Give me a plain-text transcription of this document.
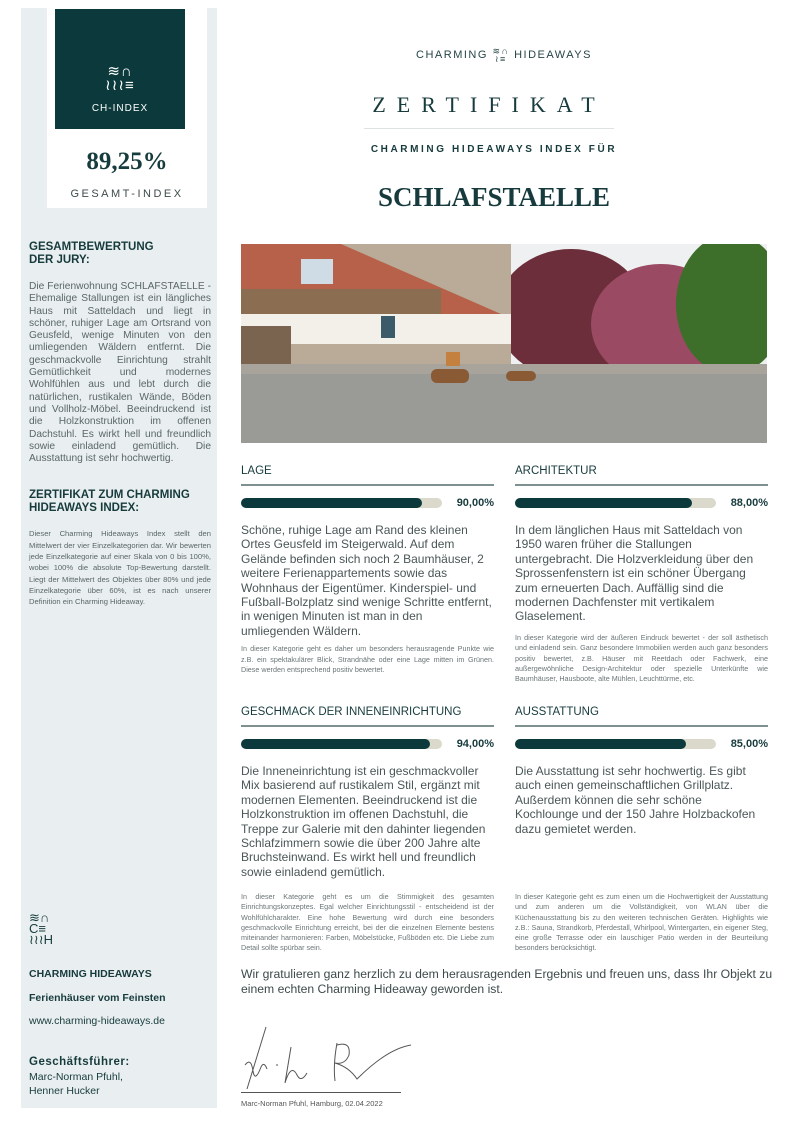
≋∩
≀≀≀≡
CH-INDEX
89,25%
GESAMT-INDEX
GESAMTBEWERTUNG DER JURY:
Die Ferienwohnung SCHLAFSTAELLE - Ehemalige Stallungen ist ein längliches Haus mit Satteldach und liegt in schöner, ruhiger Lage am Ortsrand von Geusfeld, wenige Minuten von den umliegenden Wäldern entfernt. Die geschmackvolle Einrichtung strahlt Gemütlichkeit und modernes Wohlfühlen aus und lebt durch die natürlichen, rustikalen Wände, Böden und Vollholz-Möbel. Beeindruckend ist die Holzkonstruktion im offenen Dachstuhl. Es wirkt hell und freundlich sowie einladend gemütlich. Die Ausstattung ist sehr hochwertig.
ZERTIFIKAT ZUM CHARMING HIDEAWAYS INDEX:
Dieser Charming Hideaways Index stellt den Mittelwert der vier Einzelkategorien dar. Wir bewerten jede Einzelkategorie auf einer Skala von 0 bis 100%, wobei 100% die absolute Top-Bewertung darstellt. Liegt der Mittelwert des Objektes über 80% und jede Einzelkategorie über 60%, ist es nach unserer Definition ein Charming Hideaway.
≋∩
C≡
≀≀≀H
CHARMING HIDEAWAYS
Ferienhäuser vom Feinsten
www.charming-hideaways.de
Geschäftsführer:
Marc-Norman Pfuhl,
Henner Hucker
CHARMING ≋∩
≀≡ HIDEAWAYS
ZERTIFIKAT
CHARMING HIDEAWAYS INDEX FÜR
SCHLAFSTAELLE
LAGE
90,00%
Schöne, ruhige Lage am Rand des kleinen Ortes Geusfeld im Steigerwald. Auf dem Gelände befinden sich noch 2 Baumhäuser, 2 weitere Ferienappartements sowie das Wohnhaus der Eigentümer. Kinderspiel- und Fußball-Bolzplatz sind wenige Schritte entfernt, in wenigen Minuten ist man in den umliegenden Wäldern.
In dieser Kategorie geht es daher um besonders herausragende Punkte wie z.B. ein spektakulärer Blick, Strandnähe oder eine Lage mitten im Grünen. Diese werden entsprechend positiv bewertet.
ARCHITEKTUR
88,00%
In dem länglichen Haus mit Satteldach von 1950 waren früher die Stallungen untergebracht. Die Holzverkleidung über den Sprossenfenstern ist ein schöner Übergang zum erneuerten Dach. Auffällig sind die modernen Dachfenster mit vertikalem Glaselement.
In dieser Kategorie wird der äußeren Eindruck bewertet - der soll ästhetisch und einladend sein. Ganz besondere Immobilien werden auch ganz besonders positiv bewertet, z.B. Häuser mit Reetdach oder Fachwerk, eine außergewöhnliche Design-Architektur oder spezielle Unterkünfte wie Baumhäuser, Hausboote, alte Mühlen, Leuchttürme, etc.
GESCHMACK DER INNENEINRICHTUNG
94,00%
Die Inneneinrichtung ist ein geschmackvoller Mix basierend auf rustikalem Stil, ergänzt mit modernen Elementen. Beeindruckend ist die Holzkonstruktion im offenen Dachstuhl, die Treppe zur Galerie mit den dahinter liegenden Schlafzimmern sowie die über 200 Jahre alte Bruchsteinwand. Es wirkt hell und freundlich sowie einladend gemütlich.
In dieser Kategorie geht es um die Stimmigkeit des gesamten Einrichtungskonzeptes. Egal welcher Einrichtungsstil - entscheidend ist der Wohlfühlcharakter. Eine hohe Bewertung wird durch eine besonders geschmackvolle Einrichtung erreicht, bei der die einzelnen Elemente bestens miteinander harmonieren: Farben, Möbelstücke, Fußböden etc. Die Liebe zum Detail sollte spürbar sein.
AUSSTATTUNG
85,00%
Die Ausstattung ist sehr hochwertig. Es gibt auch einen gemeinschaftlichen Grillplatz. Außerdem können die sehr schöne Kochlounge und der 150 Jahre Holzbackofen dazu gemietet werden.
In dieser Kategorie geht es zum einen um die Hochwertigkeit der Ausstattung und zum anderen um die Vollständigkeit, von WLAN über die Küchenausstattung bis zu den weiteren technischen Geräten. Highlights wie z.B.: Sauna, Strandkorb, Pferdestall, Whirlpool, Wintergarten, ein eigener Steg, eine große Terrasse oder ein lauschiger Patio werden in der Beurteilung besonders berücksichtigt.
Wir gratulieren ganz herzlich zu dem herausragenden Ergebnis und freuen uns, dass Ihr Objekt zu einem echten Charming Hideaway geworden ist.
Marc-Norman Pfuhl, Hamburg, 02.04.2022
